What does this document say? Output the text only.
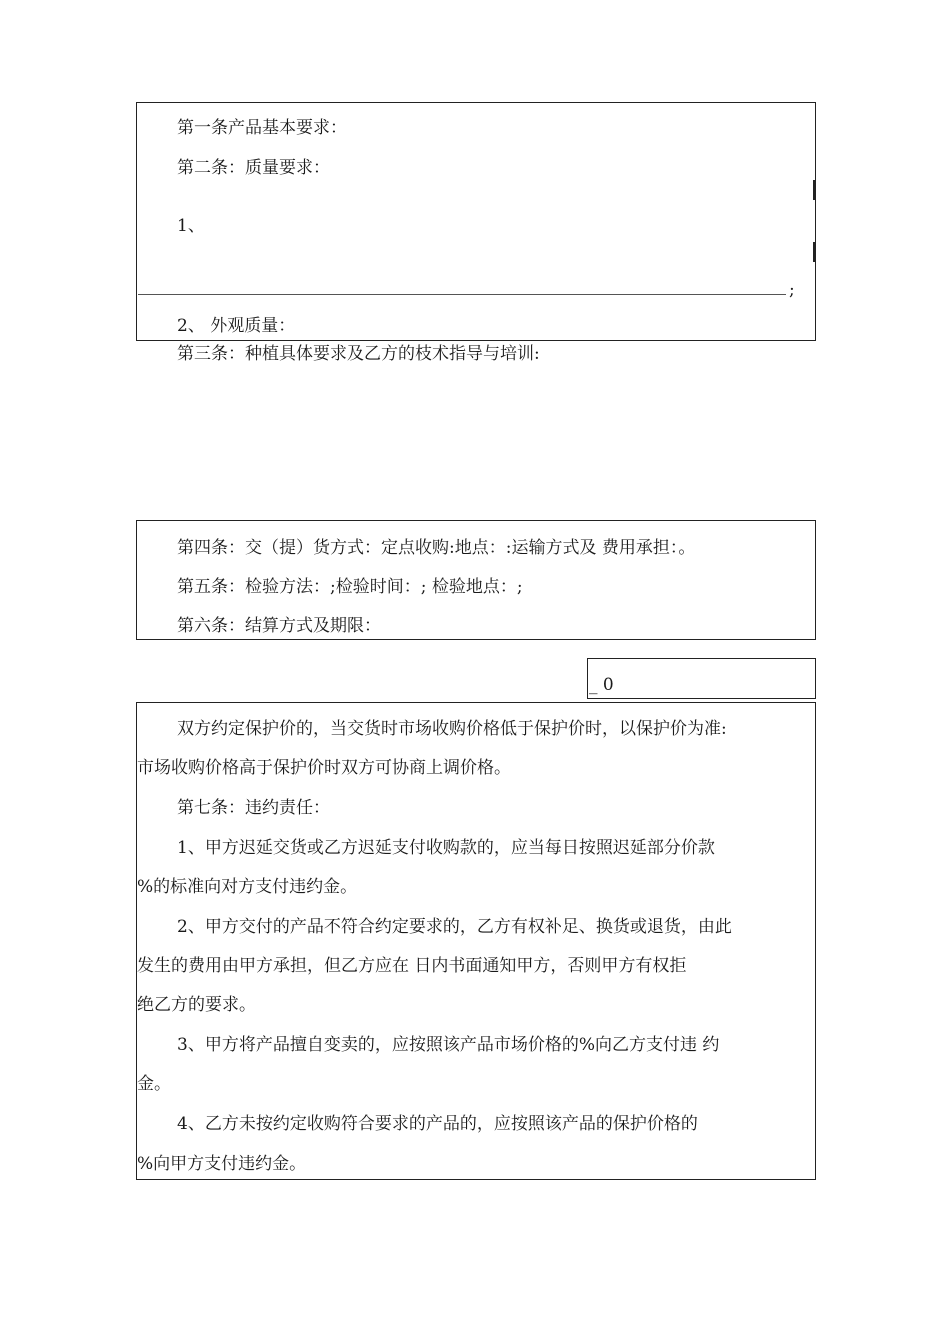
第一条产品基本要求：
第二条：质量要求：
1、
;
2、 外观质量：
第三条：种植具体要求及乙方的枝术指导与培训:
第四条：交（提）货方式：定点收购:地点：:运输方式及 费用承担：。
第五条：检验方法：;检验时间：; 检验地点：;
第六条：结算方式及期限：
_ 0
双方约定保护价的，当交货时市场收购价格低于保护价时，以保护价为准:
市场收购价格高于保护价时双方可协商上调价格。
第七条：违约责任：
1、甲方迟延交货或乙方迟延支付收购款的，应当每日按照迟延部分价款
%的标准向对方支付违约金。
2、甲方交付的产品不符合约定要求的，乙方有权补足、换货或退货，由此
发生的费用由甲方承担，但乙方应在 日内书面通知甲方，否则甲方有权拒
绝乙方的要求。
3、甲方将产品擅自变卖的，应按照该产品市场价格的%向乙方支付违 约
金。
4、乙方未按约定收购符合要求的产品的，应按照该产品的保护价格的
%向甲方支付违约金。
